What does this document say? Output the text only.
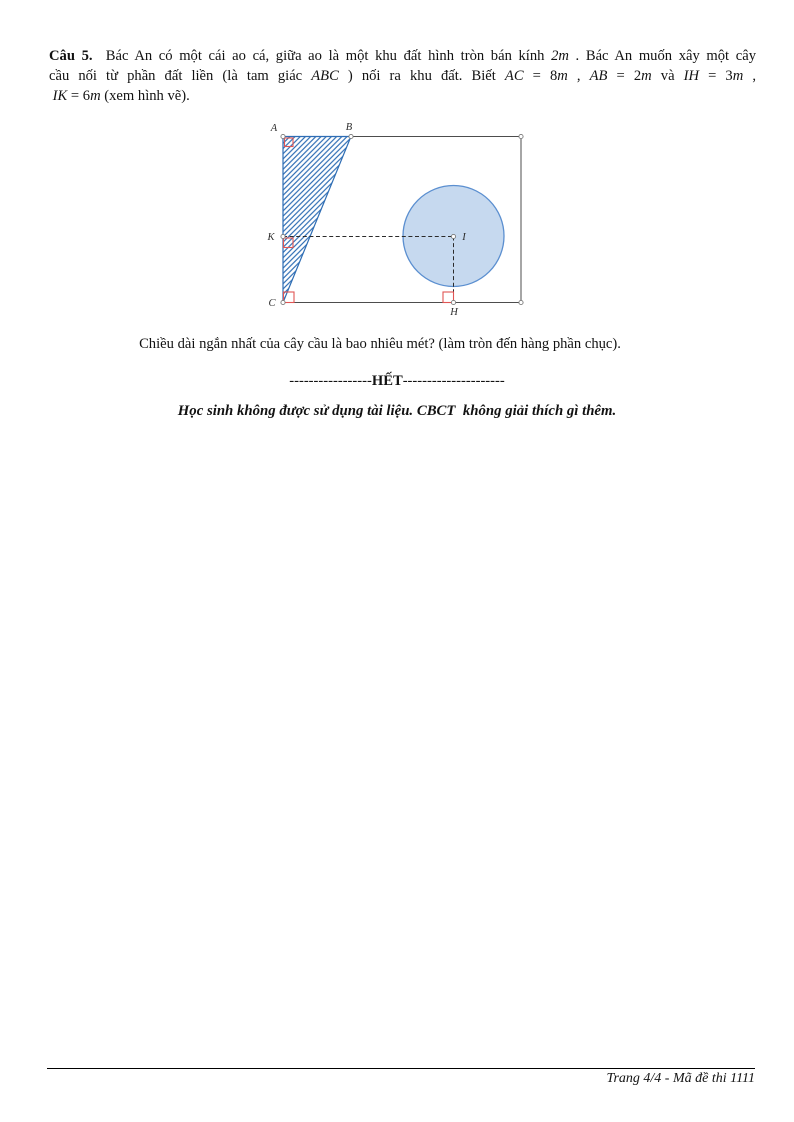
Câu 5.  Bác An có một cái ao cá, giữa ao là một khu đất hình tròn bán kính 2m . Bác An muốn xây một cây
cầu nối từ phần đất liền (là tam giác ABC ) nối ra khu đất. Biết AC = 8m , AB = 2m và IH = 3m ,
IK = 6m (xem hình vẽ).
A	B
K	I
C
H
Chiều dài ngắn nhất của cây cầu là bao nhiêu mét? (làm tròn đến hàng phần chục).
-----------------HẾT---------------------
Học sinh không được sử dụng tài liệu. CBCT  không giải thích gì thêm.
Trang 4/4 - Mã đề thi 1111
